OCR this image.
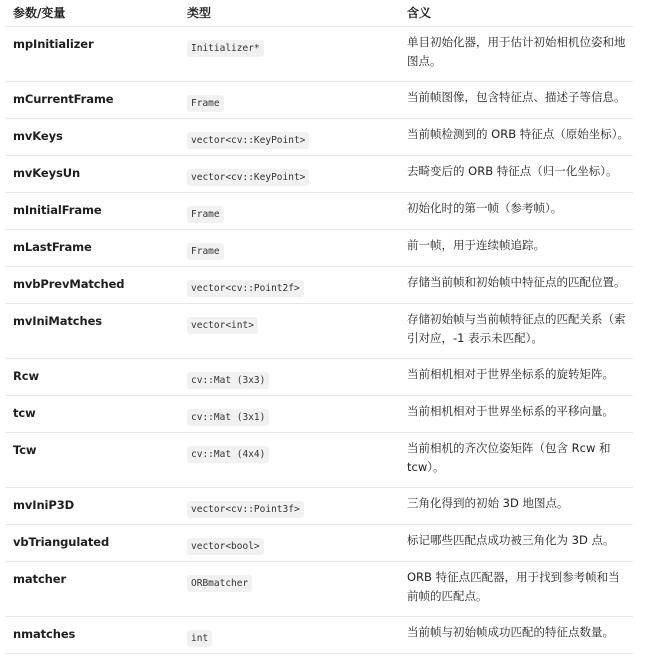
参数/变量	类型	含义
mpInitializer	Initializer*	单目初始化器，用于估计初始相机位姿和地图点。
mCurrentFrame	Frame	当前帧图像，包含特征点、描述子等信息。
mvKeys	vector<cv::KeyPoint>	当前帧检测到的 ORB 特征点（原始坐标）。
mvKeysUn	vector<cv::KeyPoint>	去畸变后的 ORB 特征点（归一化坐标）。
mInitialFrame	Frame	初始化时的第一帧（参考帧）。
mLastFrame	Frame	前一帧，用于连续帧追踪。
mvbPrevMatched	vector<cv::Point2f>	存储当前帧和初始帧中特征点的匹配位置。
mvIniMatches	vector<int>	存储初始帧与当前帧特征点的匹配关系（索引对应，-1 表示未匹配）。
Rcw	cv::Mat (3x3)	当前相机相对于世界坐标系的旋转矩阵。
tcw	cv::Mat (3x1)	当前相机相对于世界坐标系的平移向量。
Tcw	cv::Mat (4x4)	当前相机的齐次位姿矩阵（包含 Rcw 和 tcw）。
mvIniP3D	vector<cv::Point3f>	三角化得到的初始 3D 地图点。
vbTriangulated	vector<bool>	标记哪些匹配点成功被三角化为 3D 点。
matcher	ORBmatcher	ORB 特征点匹配器，用于找到参考帧和当前帧的匹配点。
nmatches	int	当前帧与初始帧成功匹配的特征点数量。
